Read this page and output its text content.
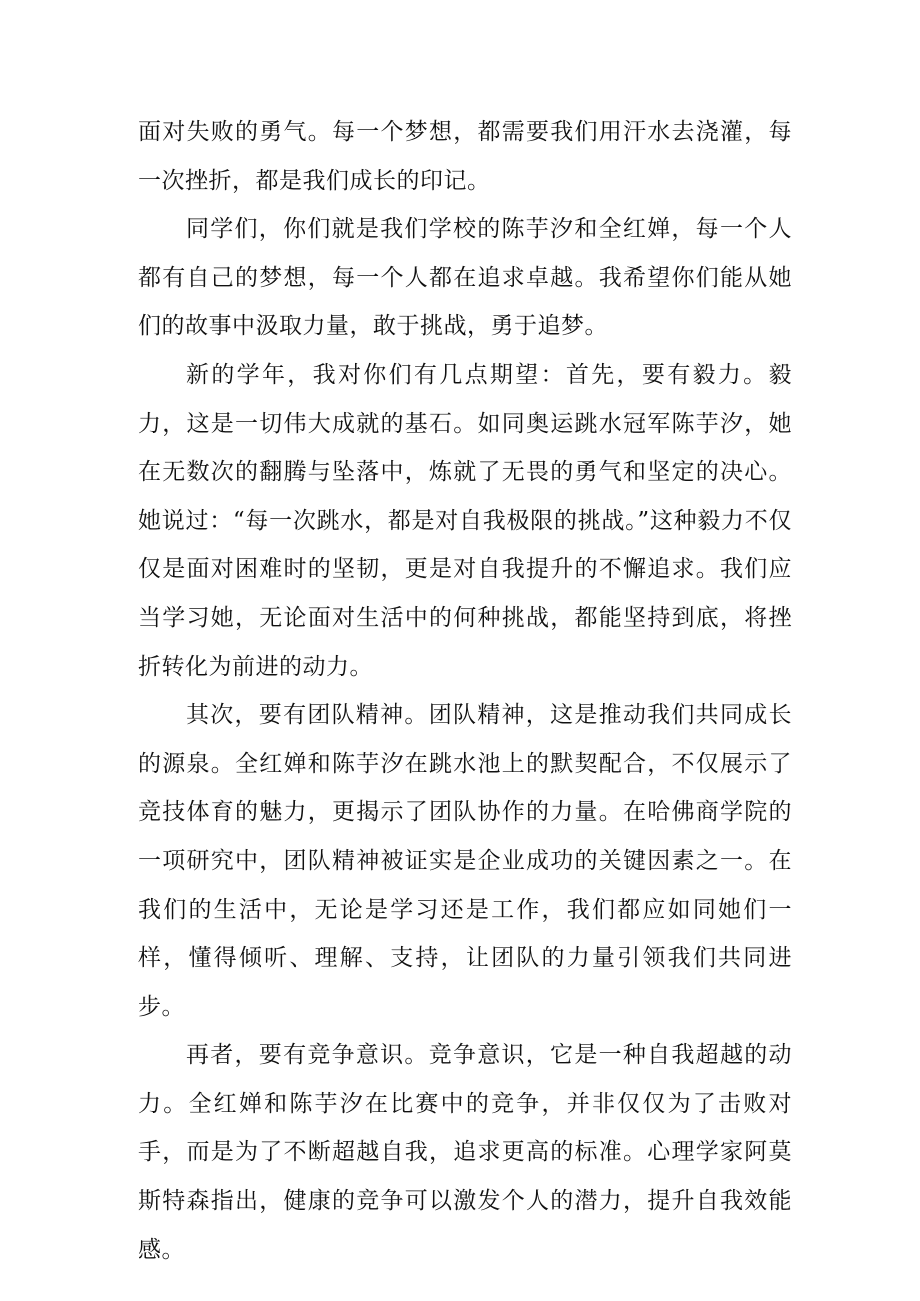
面对失败的勇气。每一个梦想，都需要我们用汗水去浇灌，每一次挫折，都是我们成长的印记。

同学们，你们就是我们学校的陈芋汐和全红婵，每一个人都有自己的梦想，每一个人都在追求卓越。我希望你们能从她们的故事中汲取力量，敢于挑战，勇于追梦。

新的学年，我对你们有几点期望：首先，要有毅力。毅力，这是一切伟大成就的基石。如同奥运跳水冠军陈芋汐，她在无数次的翻腾与坠落中，炼就了无畏的勇气和坚定的决心。她说过：“每一次跳水，都是对自我极限的挑战。”这种毅力不仅仅是面对困难时的坚韧，更是对自我提升的不懈追求。我们应当学习她，无论面对生活中的何种挑战，都能坚持到底，将挫折转化为前进的动力。

其次，要有团队精神。团队精神，这是推动我们共同成长的源泉。全红婵和陈芋汐在跳水池上的默契配合，不仅展示了竞技体育的魅力，更揭示了团队协作的力量。在哈佛商学院的一项研究中，团队精神被证实是企业成功的关键因素之一。在我们的生活中，无论是学习还是工作，我们都应如同她们一样，懂得倾听、理解、支持，让团队的力量引领我们共同进步。

再者，要有竞争意识。竞争意识，它是一种自我超越的动力。全红婵和陈芋汐在比赛中的竞争，并非仅仅为了击败对手，而是为了不断超越自我，追求更高的标准。心理学家阿莫斯特森指出，健康的竞争可以激发个人的潜力，提升自我效能感。
